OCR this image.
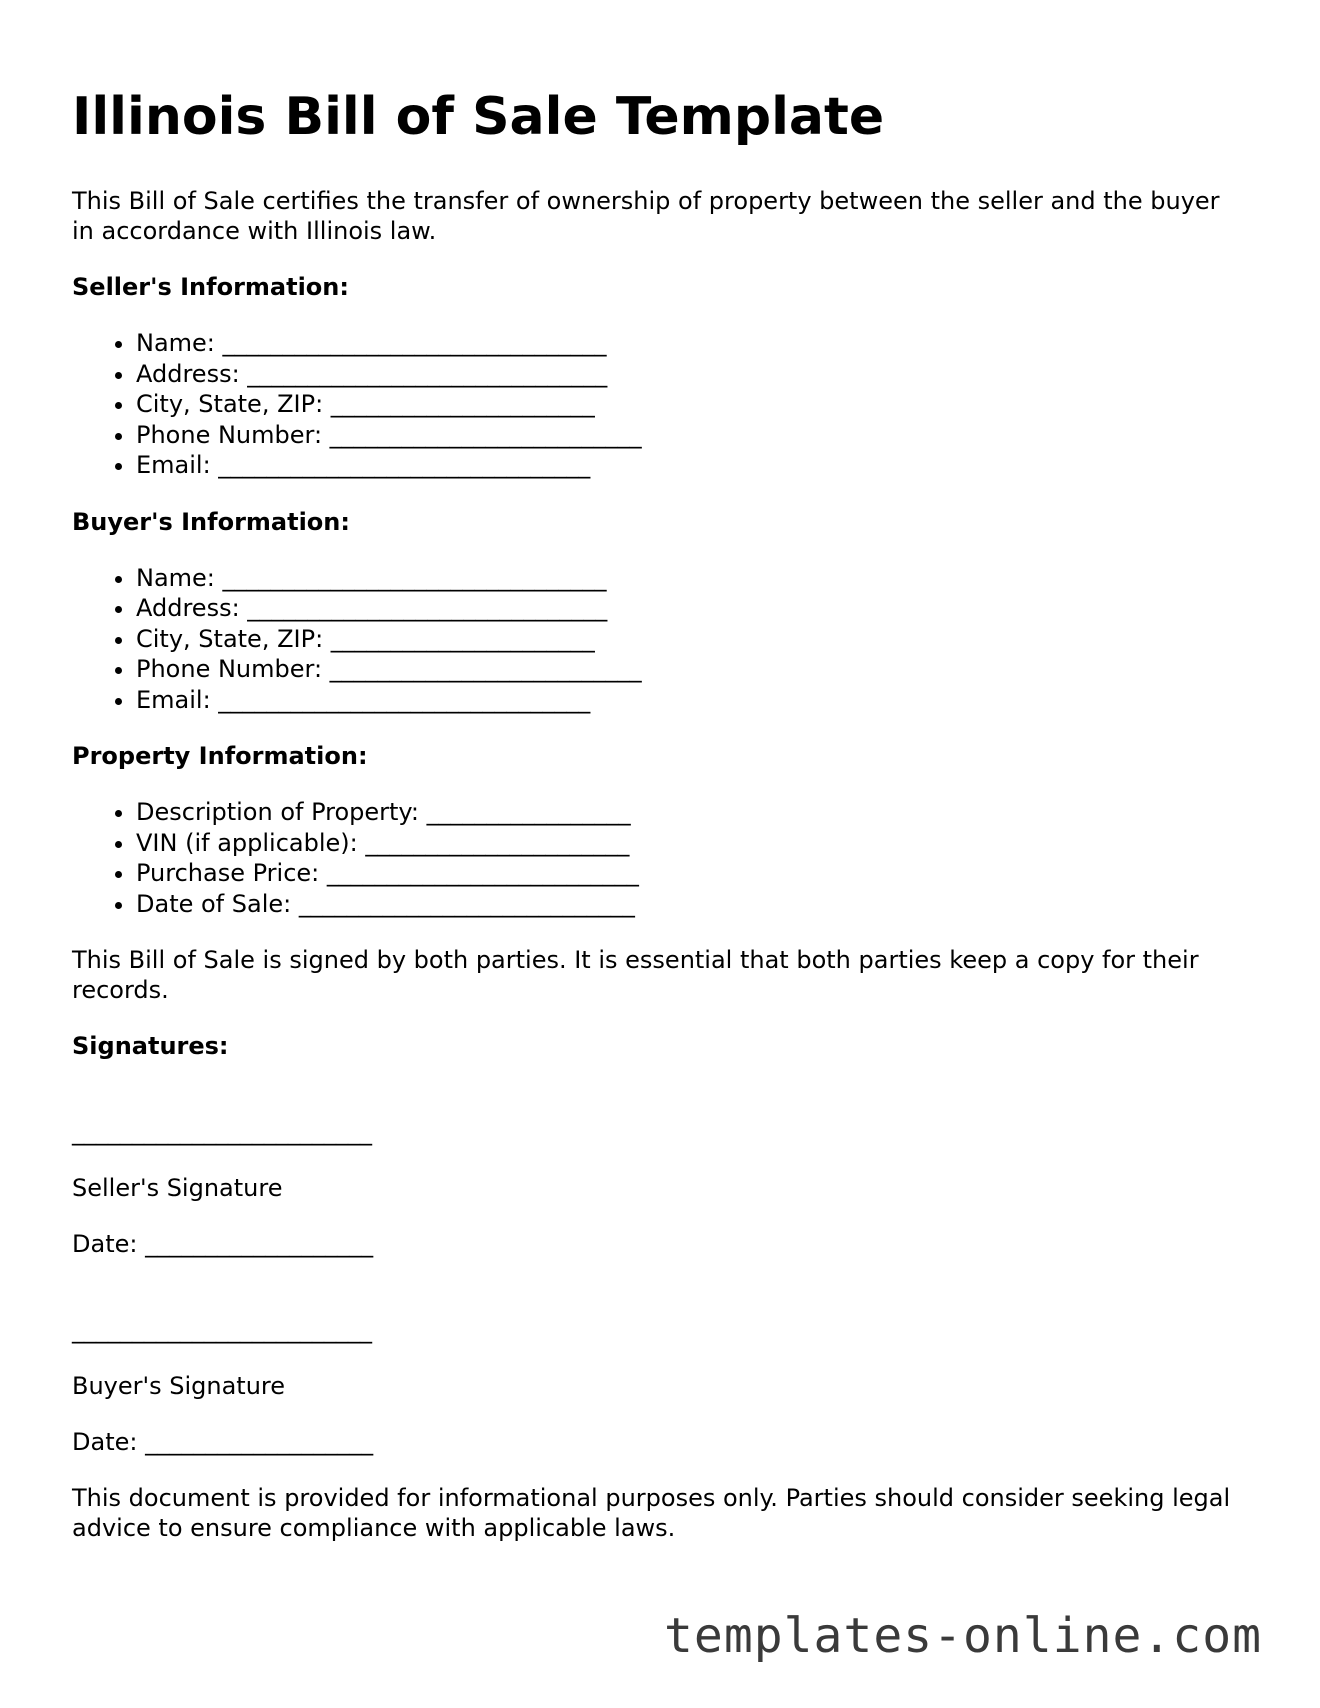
Illinois Bill of Sale Template

This Bill of Sale certifies the transfer of ownership of property between the seller and the buyer in accordance with Illinois law.

Seller's Information:
• Name: ________________________________
• Address: ______________________________
• City, State, ZIP: ______________________
• Phone Number: __________________________
• Email: _______________________________
Buyer's Information:
• Name: ________________________________
• Address: ______________________________
• City, State, ZIP: ______________________
• Phone Number: __________________________
• Email: _______________________________
Property Information:
• Description of Property: _________________
• VIN (if applicable): ______________________
• Purchase Price: __________________________
• Date of Sale: ____________________________

This Bill of Sale is signed by both parties. It is essential that both parties keep a copy for their records.

Signatures:
_________________________

Seller's Signature

Date: ___________________

_________________________

Buyer's Signature

Date: ___________________

This document is provided for informational purposes only. Parties should consider seeking legal advice to ensure compliance with applicable laws.

templates-online.com
